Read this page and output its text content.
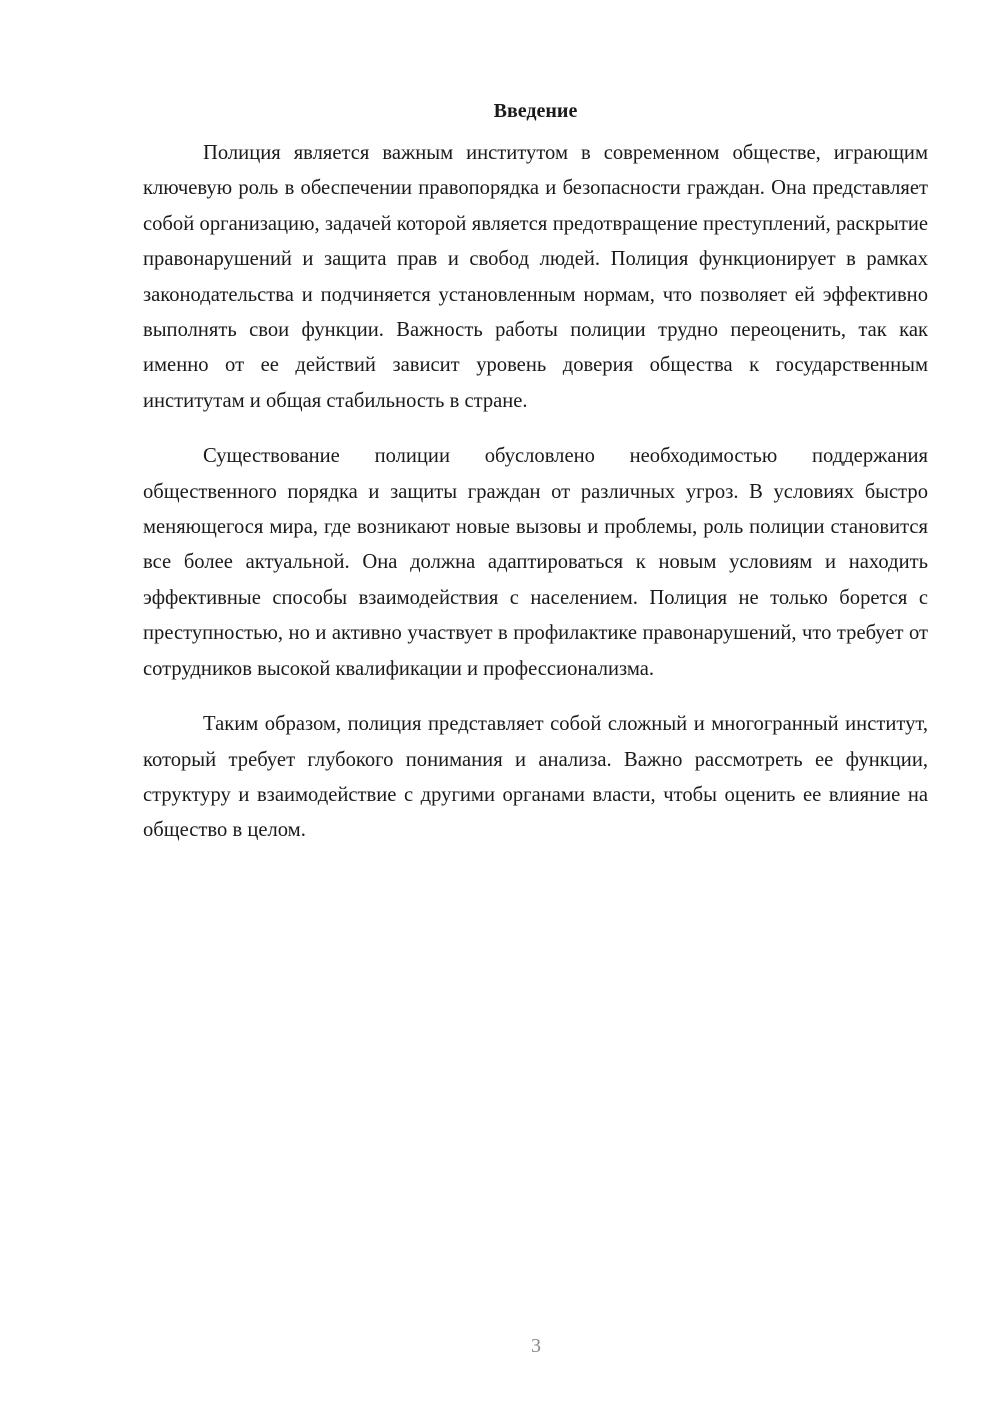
Введение

Полиция является важным институтом в современном обществе, играющим ключевую роль в обеспечении правопорядка и безопасности граждан. Она представляет собой организацию, задачей которой является предотвращение преступлений, раскрытие правонарушений и защита прав и свобод людей. Полиция функционирует в рамках законодательства и подчиняется установленным нормам, что позволяет ей эффективно выполнять свои функции. Важность работы полиции трудно переоценить, так как именно от ее действий зависит уровень доверия общества к государственным институтам и общая стабильность в стране.

Существование полиции обусловлено необходимостью поддержания общественного порядка и защиты граждан от различных угроз. В условиях быстро меняющегося мира, где возникают новые вызовы и проблемы, роль полиции становится все более актуальной. Она должна адаптироваться к новым условиям и находить эффективные способы взаимодействия с населением. Полиция не только борется с преступностью, но и активно участвует в профилактике правонарушений, что требует от сотрудников высокой квалификации и профессионализма.

Таким образом, полиция представляет собой сложный и многогранный институт, который требует глубокого понимания и анализа. Важно рассмотреть ее функции, структуру и взаимодействие с другими органами власти, чтобы оценить ее влияние на общество в целом.

3
